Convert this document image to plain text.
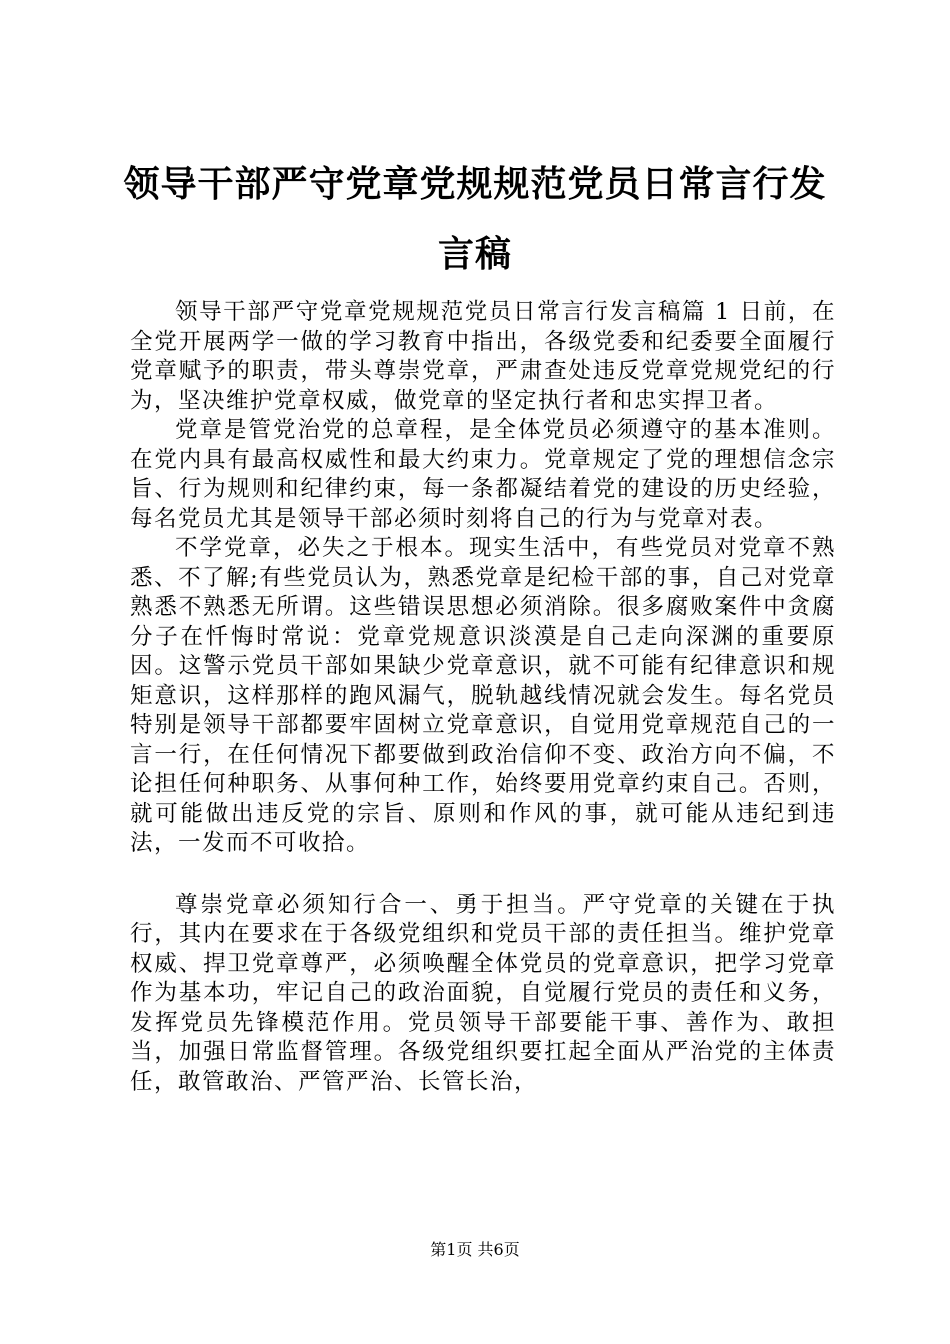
领导干部严守党章党规规范党员日常言行发言稿

领导干部严守党章党规规范党员日常言行发言稿篇 1 日前，在全党开展两学一做的学习教育中指出，各级党委和纪委要全面履行党章赋予的职责，带头尊崇党章，严肃查处违反党章党规党纪的行为，坚决维护党章权威，做党章的坚定执行者和忠实捍卫者。

党章是管党治党的总章程，是全体党员必须遵守的基本准则。在党内具有最高权威性和最大约束力。党章规定了党的理想信念宗旨、行为规则和纪律约束，每一条都凝结着党的建设的历史经验，每名党员尤其是领导干部必须时刻将自己的行为与党章对表。

不学党章，必失之于根本。现实生活中，有些党员对党章不熟悉、不了解;有些党员认为，熟悉党章是纪检干部的事，自己对党章熟悉不熟悉无所谓。这些错误思想必须消除。很多腐败案件中贪腐分子在忏悔时常说：党章党规意识淡漠是自己走向深渊的重要原因。这警示党员干部如果缺少党章意识，就不可能有纪律意识和规矩意识，这样那样的跑风漏气，脱轨越线情况就会发生。每名党员特别是领导干部都要牢固树立党章意识，自觉用党章规范自己的一言一行，在任何情况下都要做到政治信仰不变、政治方向不偏，不论担任何种职务、从事何种工作，始终要用党章约束自己。否则，就可能做出违反党的宗旨、原则和作风的事，就可能从违纪到违法，一发而不可收拾。

尊崇党章必须知行合一、勇于担当。严守党章的关键在于执行，其内在要求在于各级党组织和党员干部的责任担当。维护党章权威、捍卫党章尊严，必须唤醒全体党员的党章意识，把学习党章作为基本功，牢记自己的政治面貌，自觉履行党员的责任和义务，发挥党员先锋模范作用。党员领导干部要能干事、善作为、敢担当，加强日常监督管理。各级党组织要扛起全面从严治党的主体责任，敢管敢治、严管严治、长管长治，

第1页 共6页
